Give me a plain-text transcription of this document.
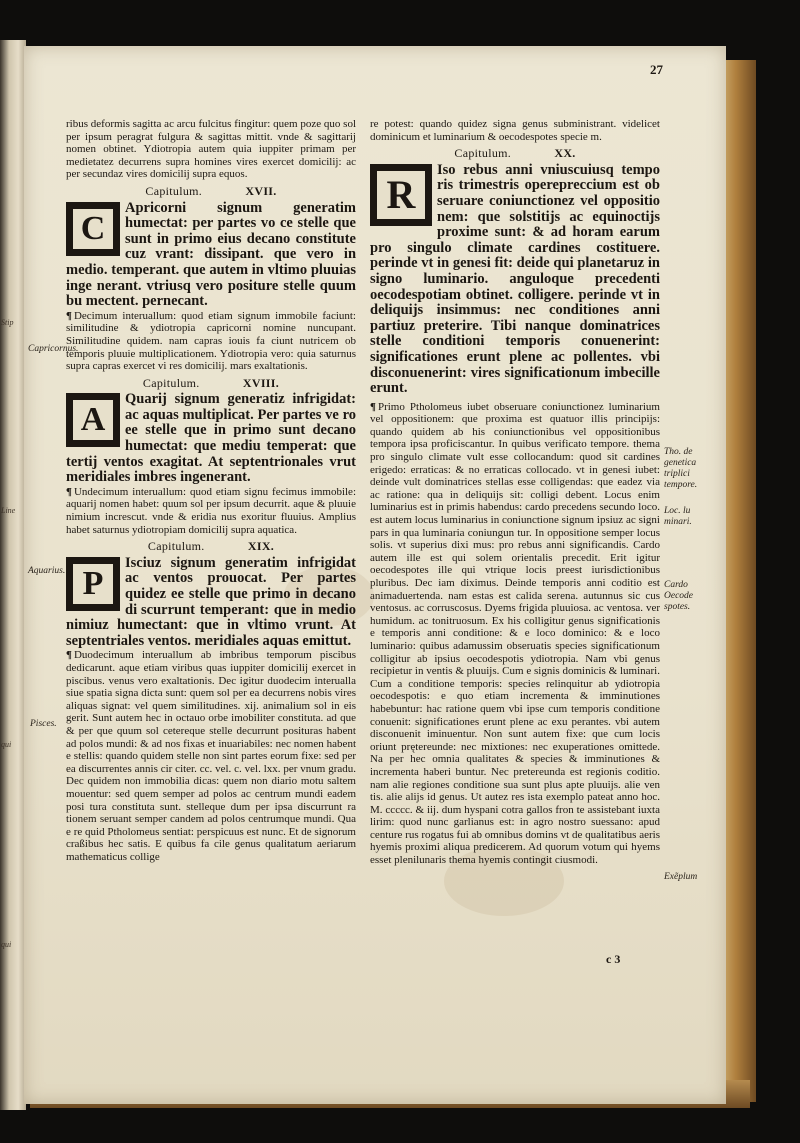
Stip
Line
qui
qui
27

ribus deformis sagitta ac arcu fulcitus fingitur: quem poze quo sol per ipsum peragrat fulgura & sagittas mittit. vnde & sagittarij nomen obtinet. Ydiotropia autem quia iuppiter primam per medietatez decurrens supra homines vires exercet domicilij: ac per secundaz vires domicilij supra equos.

Capitulum.	XVII.
C
Apricorni signum generatim humectat: per partes vo ce stelle que sunt in primo eius decano constitute cuz vrant: dissipant. que vero in medio. temperant. que autem in vltimo pluuias inge nerant. vtriusq vero positure stelle quum bu mectent. pernecant.

¶ Decimum interuallum: quod etiam signum immobile faciunt: similitudine & ydiotropia capricorni nomine nuncupant. Similitudine quidem. nam capras iouis fa ciunt nutricem ob temporis pluuie multiplicationem. Ydiotropia vero: quia saturnus supra capras exercet vi res domicilij. mars exaltationis.

Capitulum.	XVIII.
A
Quarij signum generatiz infrigidat: ac aquas multiplicat. Per partes ve ro ee stelle que in primo sunt decano humectat: que mediu temperat: que tertij ventos exagitat. At septentrionales vrut meridiales imbres ingenerant.

¶ Undecimum interuallum: quod etiam signu fecimus immobile: aquarij nomen habet: quum sol per ipsum decurrit. aque & pluuie nimium increscut. vnde & eridia nus exoritur fluuius. Amplius habet saturnus ydiotropiam domicilij supra aquatica.

Capitulum.	XIX.
P
Isciuz signum generatim infrigidat ac ventos prouocat. Per partes quidez ee stelle que primo in decano di scurrunt temperant: que in medio nimiuz humectant: que in vltimo vrunt. At septentriales ventos. meridiales aquas emittut.

¶ Duodecimum interuallum ab imbribus temporum piscibus dedicarunt. aque etiam viribus quas iuppiter domicilij exercet in piscibus. venus vero exaltationis. Dec igitur duodecim interualla siue spatia signa dicta sunt: quem sol per ea decurrens nobis vires aliquas signat: vel quem similitudines. xij. animalium sol in eis gerit. Sunt autem hec in octauo orbe imobiliter constituta. ad que & per que quum sol cetereque stelle decurrunt posituras habent ad polos mundi: & ad nos fixas et inuariabiles: nec nomen habent e stellis: quando quidem stelle non sint partes eorum fixe: sed per ea discurrentes annis cir citer. cc. vel. c. vel. lxx. per vnum gradu. Dec quidem non immobilia dicas: quem non diario motu saltem mouentur: sed quem semper ad polos ac centrum mundi eadem posi tura constituta sunt. stelleque dum per ipsa discurrunt ra tionem seruant semper candem ad polos centrumque mundi. Qua e re quid Ptholomeus sentiat: perspicuus est nunc. Et de signorum craßibus hec satis. E quibus fa cile genus qualitatum aeriarum mathematicus collige

Capricornus.
Aquarius.
Pisces.

re potest: quando quidez signa genus subministrant. videlicet dominicum et luminarium & oecodespotes specie m.

Capitulum.	XX.
R
Iso rebus anni vniuscuiusq tempo ris trimestris operepreccium est ob seruare coniunctionez vel oppositio nem: que solstitijs ac equinoctijs proxime sunt: & ad horam earum pro singulo climate cardines costituere. perinde vt in genesi fit: deide qui planetaruz in signo luminario. anguloque precedenti oecodespotiam obtinet. colligere. perinde vt in deliquijs insimmus: nec conditiones anni partiuz preterire. Tibi nanque dominatrices stelle conditioni temporis conuenerint: significationes erunt plene ac pollentes. vbi disconuenerint: vires significationum imbecille erunt.

¶ Primo Ptholomeus iubet obseruare coniunctionez luminarium vel oppositionem: que proxima est quatuor illis principijs: quando quidem ab his coniunctionibus vel oppositionibus tempora ipsa proficiscantur. In quibus verificato tempore. thema pro singulo climate vult esse collocandum: quod sit cardines erigedo: erraticas: & no erraticas collocado. vt in genesi iubet: deinde vult dominatrices stellas esse colligendas: que eadez via ac ratione: qua in deliquijs sit: colligi debent. Locus enim luminarius est in primis habendus: cardo precedens secundo loco. est autem locus luminarius in coniunctione signum ipsiuz ac signi pars in qua luminaria coniungun tur. In oppositione semper locus solis. vt superius dixi mus: pro rebus anni significandis. Cardo autem ille est qui solem orientalis precedit. Erit igitur oecodespotes ille qui vtrique locis preest iurisdictionibus pluribus. Dec iam diximus. Deinde temporis anni coditio est animaduertenda. nam estas est calida serena. autunnus sic cus ventosus. ac corruscosus. Dyems frigida pluuiosa. ac ventosa. ver humidum. ac tonitruosum. Ex his colligitur genus significationis e temporis anni conditione: & e loco dominico: & e loco luminario: quibus adamussim obseruatis species significationum colligitur ab ipsius oecodespotis ydiotropia. Nam vbi genus recipietur in ventis & pluuijs. Cum e signis dominicis & luminari. Cum a conditione temporis: species relinquitur ab ydiotropia oecodespotis: e quo etiam incrementa & imminutiones habebuntur: hac ratione quem vbi ipse cum temporis conditione conuenit: significationes erunt plene ac exu perantes. vbi autem disconuenit iminuentur. Non sunt autem fixe: que cum locis oriunt prętereunde: nec mixtiones: nec exuperationes omittede. Na per hec omnia qualitates & species & imminutiones & incrementa haberi buntur. Nec pretereunda est regionis coditio. nam alie regiones conditione sua sunt plus apte pluuijs. alie ven tis. alie alijs id genus. Ut autez res ista exemplo pateat anno hoc. M. ccccc. & iij. dum hyspani cotra gallos fron te assistebant iuxta lirim: quod nunc garlianus est: in agro nostro suessano: apud centure rus rogatus fui ab omnibus domins vt de qualitatibus aeris hyemis proximi aliqua predicerem. Ad quorum votum qui hyems esset plenilunaris thema hyemis contingit ciusmodi.

Tho. de genetica triplici tempore.
Loc. lu minari.
Cardo Oecode spotes.
Exẽplum
c 3
